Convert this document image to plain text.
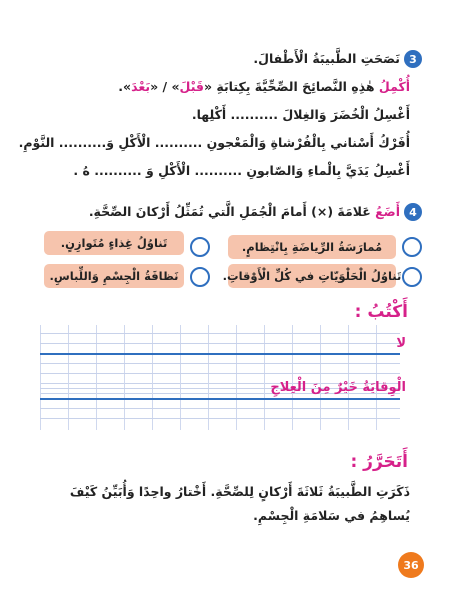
3
نَصَحَتِ الطَّبيبَةُ الْأَطْفالَ.
أُكْمِلُ هٰذِهِ النَّصائِحَ الصِّحِّيَّةَ بِكِتابَةِ «قَبْلَ» / «بَعْدَ».
أَغْسِلُ الْخُضَرَ وَالغِلالَ .......... أَكْلِها.
أُفَرْكُ أَسْناني بِالْفُرْشاةِ وَالْمَعْجونِ .......... الْأَكْلِ وَ.......... النَّوْمِ.
أَغْسِلُ يَدَيَّ بِالْماءِ وَالصّابونِ .......... الْأَكْلِ وَ .......... هُ .
4
أَضَعُ عَلامَةَ (×) أَمامَ الْجُمَلِ الَّتي تُمَثِّلُ أَرْكانَ الصِّحَّةِ.
مُمارَسَةُ الرِّياضَةِ بِانْتِظامٍ.
تَناوُلُ غِذاءٍ مُتَوازِنٍ.
تَناوُلُ الْحَلْوَيّاتِ في كُلِّ الْأَوْقاتِ.
نَظافَةُ الْجِسْمِ وَاللِّباسِ.
أَكْتُبُ :
لا
الْوِقايَةُ خَيْرٌ مِنَ الْعِلاجِ
أَتَحَرَّرُ :
ذَكَرَتِ الطَّبيبَةُ ثَلاثَةَ أَرْكانٍ لِلصِّحَّةِ. أَخْتارُ واحِدًا وَأُبَيِّنُ كَيْفَ يُساهِمُ في سَلامَةِ الْجِسْمِ.
36
